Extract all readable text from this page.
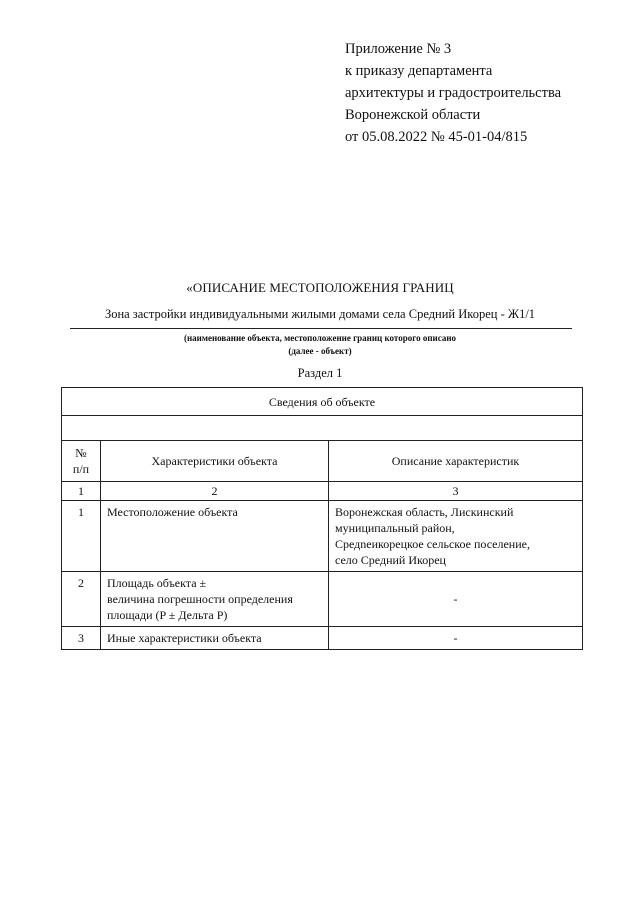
Приложение № 3
к приказу департамента
архитектуры и градостроительства
Воронежской области
от 05.08.2022 № 45-01-04/815
«ОПИСАНИЕ МЕСТОПОЛОЖЕНИЯ ГРАНИЦ
Зона застройки индивидуальными жилыми домами села Средний Икорец - Ж1/1
(наименование объекта, местоположение границ которого описано
(далее - объект)
Раздел 1
Сведения об объекте		

№
п/п	Характеристики объекта	Описание характеристик
1	2	3
1	Местоположение объекта	Воронежская область, Лискинский
муниципальный район,
Средneикорецкое сельское поселение,
село Средний Икорец

2	Площадь объекта ±
величина погрешности определения
площади (P ± Дельта P)	-
3	Иные характеристики объекта	-
